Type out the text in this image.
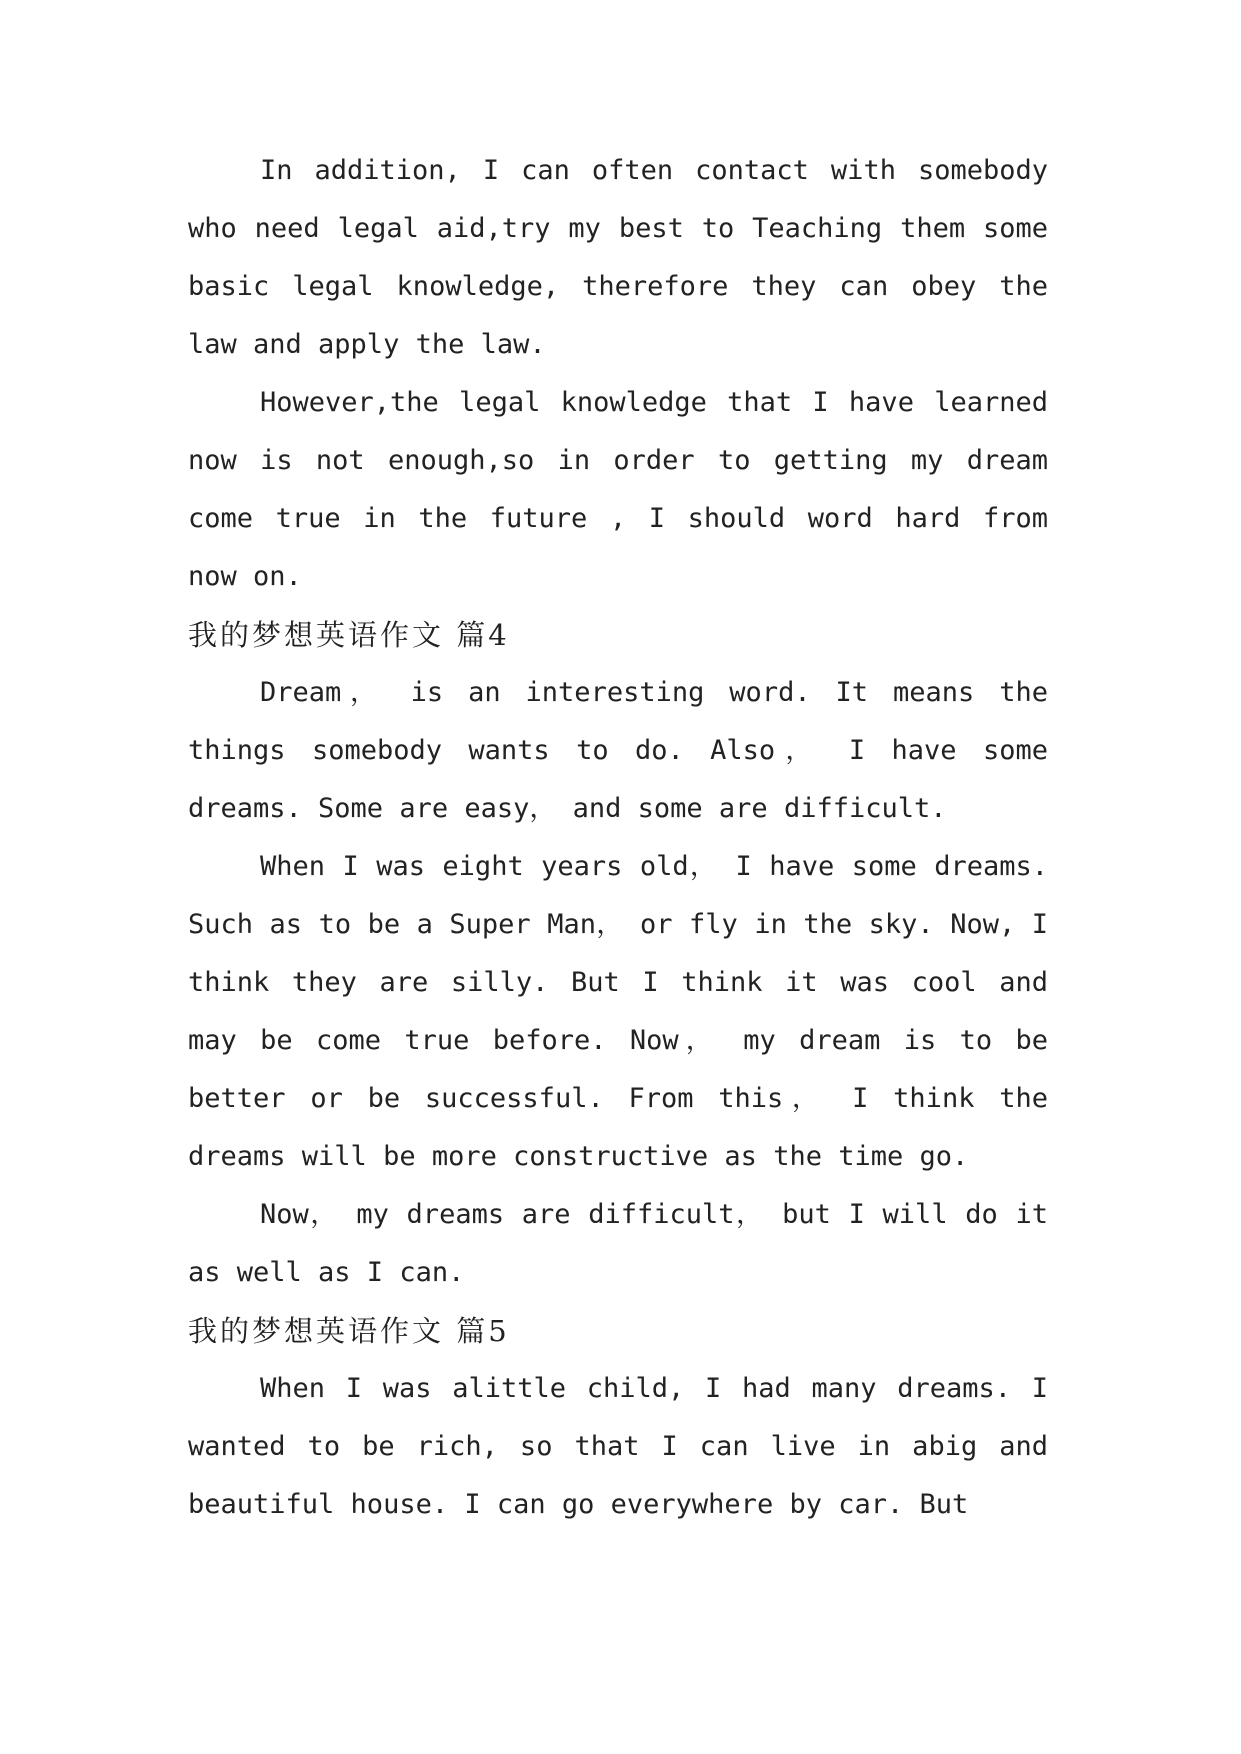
In addition, I can often contact with somebody who need legal aid,try my best to Teaching them some basic legal knowledge, therefore they can obey the law and apply the law.

However,the legal knowledge that I have learned now is not enough,so in order to getting my dream come true in the future , I should word hard from now on.

我的梦想英语作文 篇4

Dream， is an interesting word. It means the things somebody wants to do. Also， I have some dreams. Some are easy， and some are difficult.

When I was eight years old， I have some dreams. Such as to be a Super Man， or fly in the sky. Now, I think they are silly. But I think it was cool and may be come true before. Now， my dream is to be better or be successful. From this， I think the dreams will be more constructive as the time go.

Now， my dreams are difficult， but I will do it as well as I can.

我的梦想英语作文 篇5

When I was alittle child, I had many dreams. I wanted to be rich, so that I can live in abig and beautiful house. I can go everywhere by car. But
